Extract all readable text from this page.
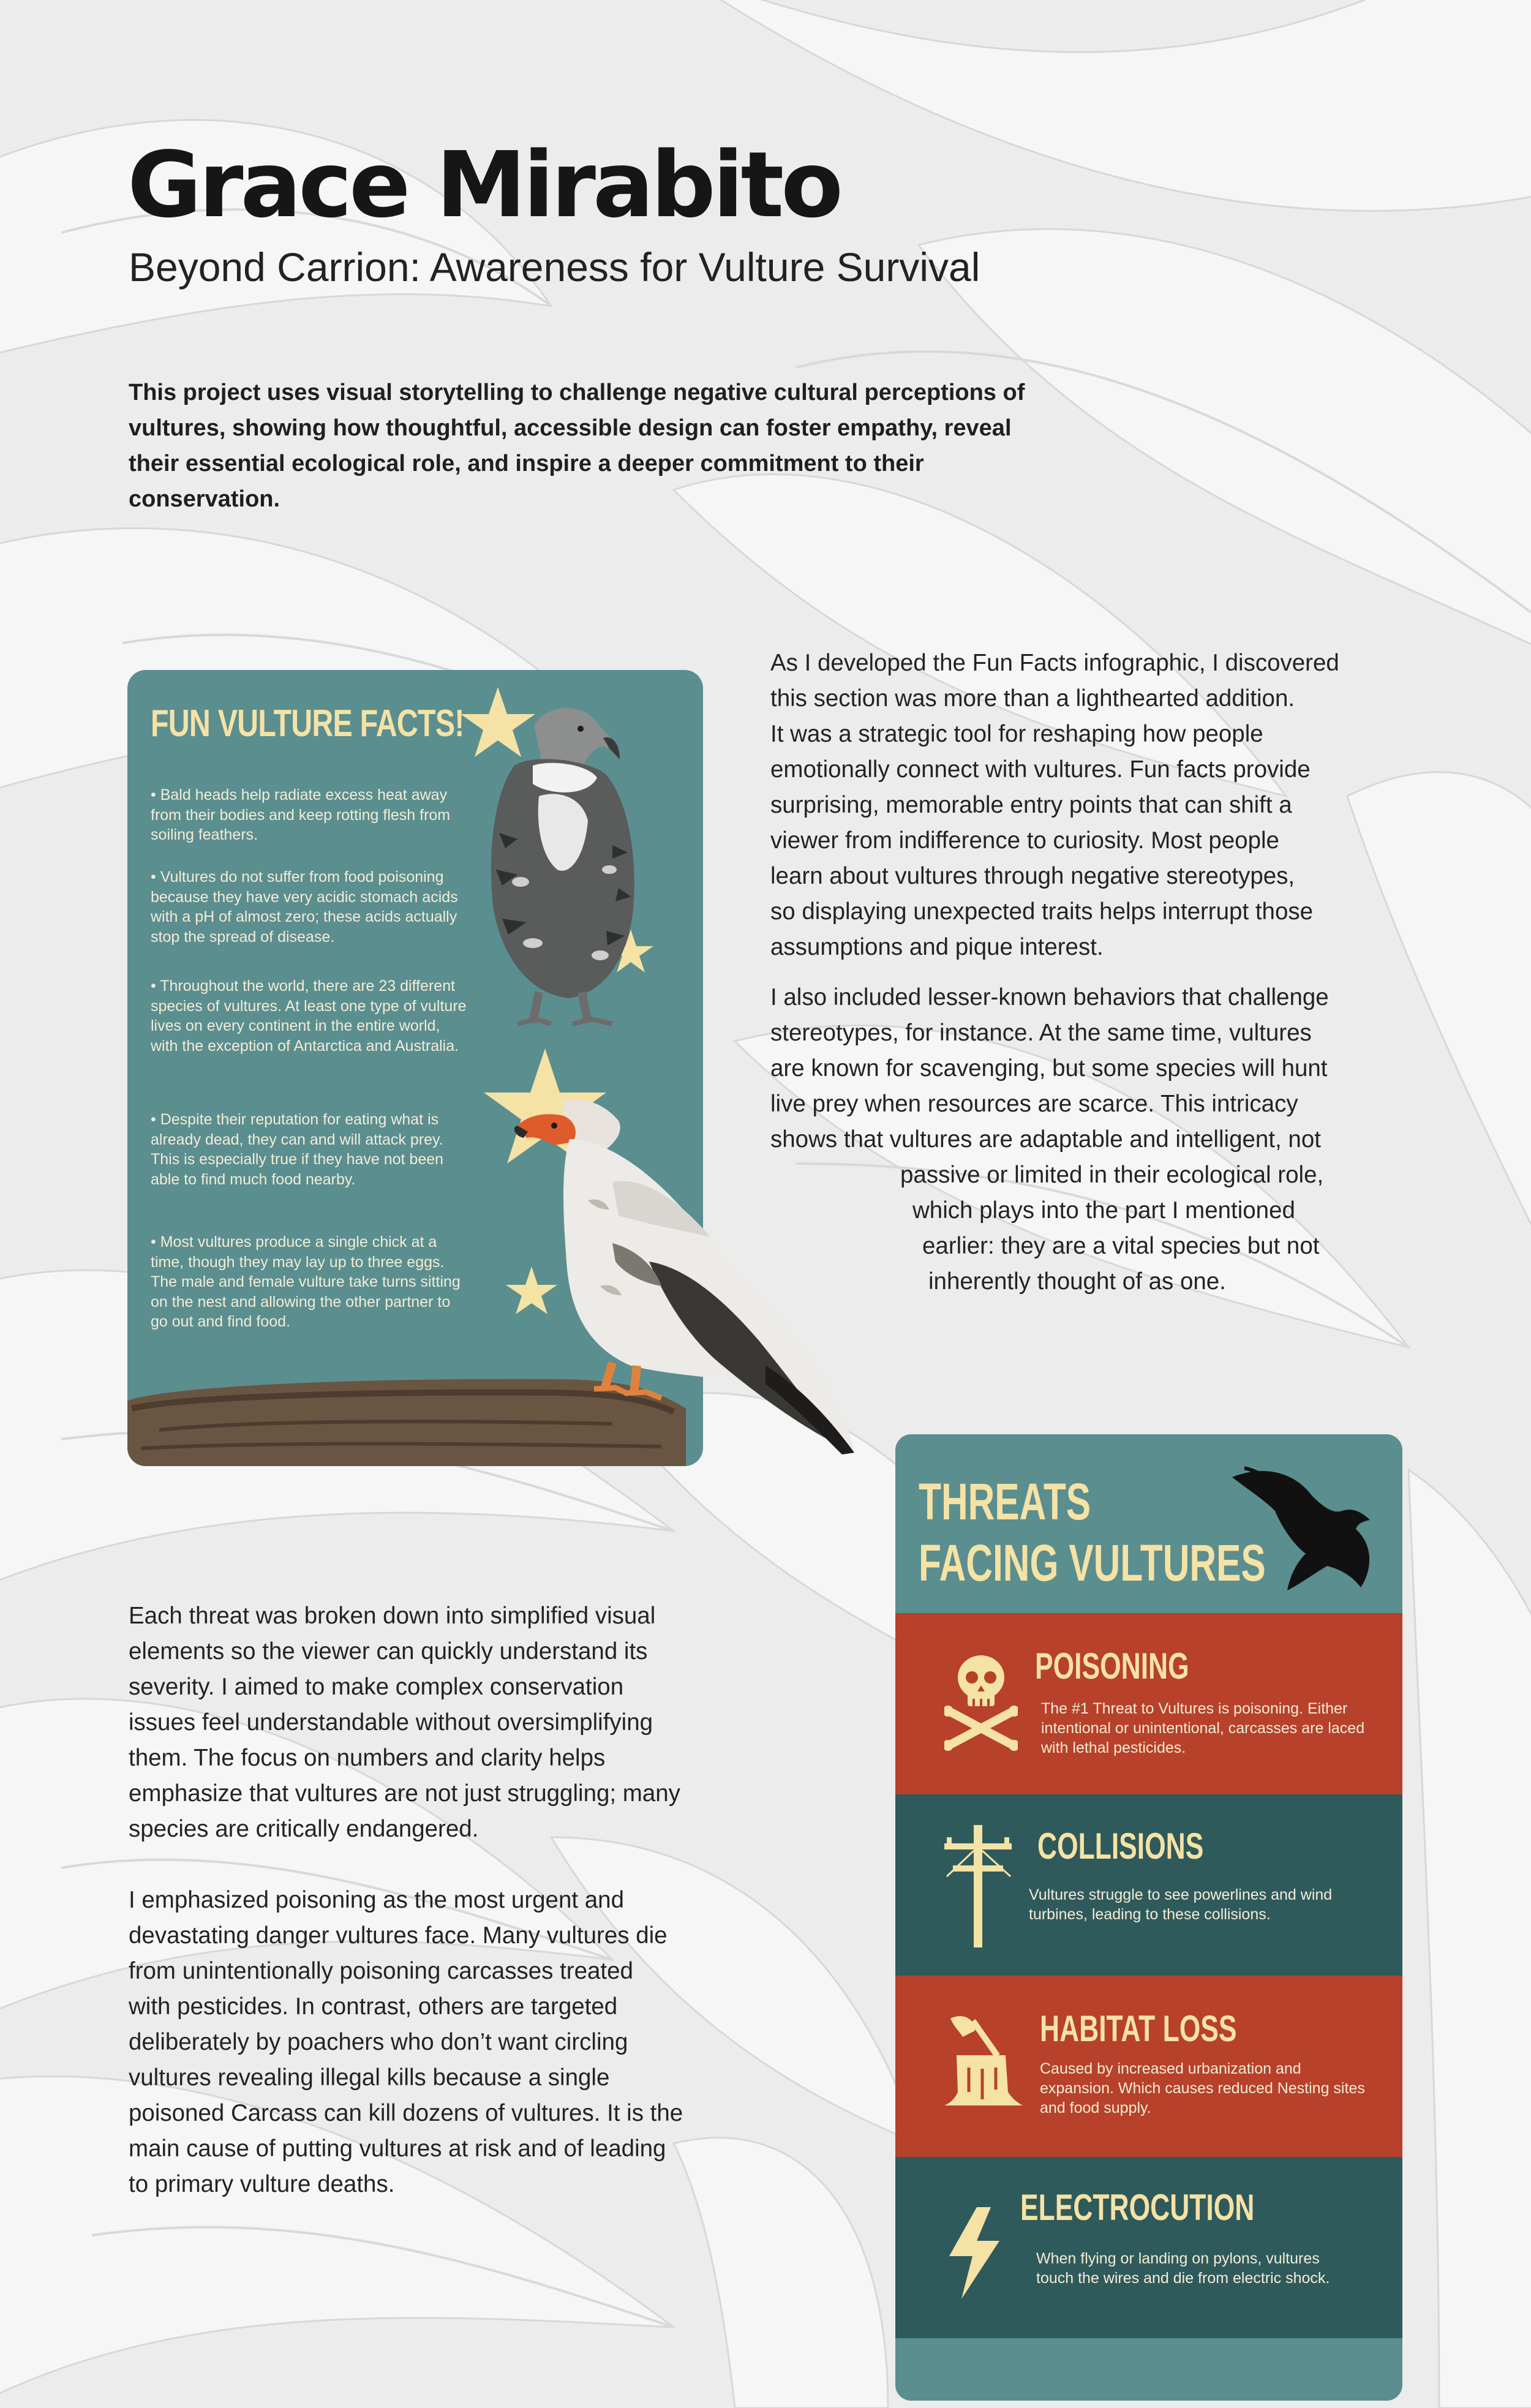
Grace Mirabito
Beyond Carrion: Awareness for Vulture Survival
This project uses visual storytelling to challenge negative cultural perceptions of vultures, showing how thoughtful, accessible design can foster empathy, reveal their essential ecological role, and inspire a deeper commitment to their conservation.
FUN VULTURE FACTS!
• Bald heads help radiate excess heat away from their bodies and keep rotting flesh from soiling feathers.
• Vultures do not suffer from food poisoning because they have very acidic stomach acids with a pH of almost zero; these acids actually stop the spread of disease.
• Throughout the world, there are 23 different species of vultures. At least one type of vulture lives on every continent in the entire world, with the exception of Antarctica and Australia.
• Despite their reputation for eating what is already dead, they can and will attack prey. This is especially true if they have not been able to find much food nearby.
• Most vultures produce a single chick at a time, though they may lay up to three eggs. The male and female vulture take turns sitting on the nest and allowing the other partner to go out and find food.

As I developed the Fun Facts infographic, I discovered

this section was more than a lighthearted addition.

It was a strategic tool for reshaping how people

emotionally connect with vultures. Fun facts provide

surprising, memorable entry points that can shift a

viewer from indifference to curiosity. Most people

learn about vultures through negative stereotypes,

so displaying unexpected traits helps interrupt those

assumptions and pique interest.

I also included lesser-known behaviors that challenge

stereotypes, for instance. At the same time, vultures

are known for scavenging, but some species will hunt

live prey when resources are scarce. This intricacy

shows that vultures are adaptable and intelligent, not

passive or limited in their ecological role,

which plays into the part I mentioned

earlier: they are a vital species but not

inherently thought of as one.

Each threat was broken down into simplified visual

elements so the viewer can quickly understand its

severity. I aimed to make complex conservation

issues feel understandable without oversimplifying

them. The focus on numbers and clarity helps

emphasize that vultures are not just struggling; many

species are critically endangered.

I emphasized poisoning as the most urgent and

devastating danger vultures face. Many vultures die

from unintentionally poisoning carcasses treated

with pesticides. In contrast, others are targeted

deliberately by poachers who don’t want circling

vultures revealing illegal kills because a single

poisoned Carcass can kill dozens of vultures. It is the

main cause of putting vultures at risk and of leading

to primary vulture deaths.

THREATS
FACING VULTURES
POISONING
The #1 Threat to Vultures is poisoning. Either intentional or unintentional, carcasses are laced with lethal pesticides.
COLLISIONS
Vultures struggle to see powerlines and wind turbines, leading to these collisions.
HABITAT LOSS
Caused by increased urbanization and expansion. Which causes reduced Nesting sites and food supply.
ELECTROCUTION
When flying or landing on pylons, vultures touch the wires and die from electric shock.
